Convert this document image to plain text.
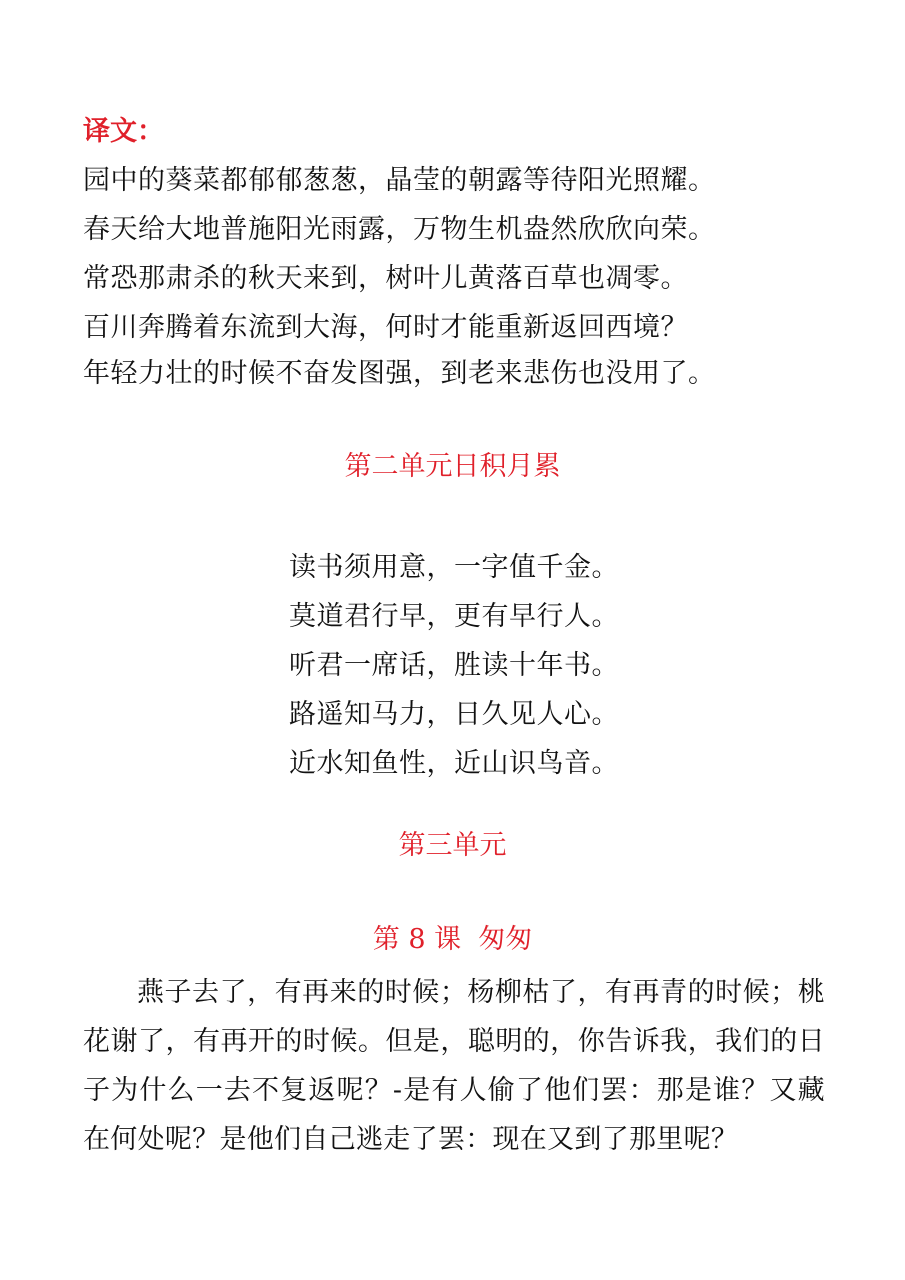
译文：
园中的葵菜都郁郁葱葱，晶莹的朝露等待阳光照耀。
春天给大地普施阳光雨露，万物生机盎然欣欣向荣。
常恐那肃杀的秋天来到，树叶儿黄落百草也凋零。
百川奔腾着东流到大海，何时才能重新返回西境？
年轻力壮的时候不奋发图强，到老来悲伤也没用了。
第二单元日积月累
读书须用意，一字值千金。
莫道君行早，更有早行人。
听君一席话，胜读十年书。
路遥知马力，日久见人心。
近水知鱼性，近山识鸟音。
第三单元
第 8 课  匆匆
燕子去了，有再来的时候；杨柳枯了，有再青的时候；桃花谢了，有再开的时候。但是，聪明的，你告诉我，我们的日子为什么一去不复返呢？-是有人偷了他们罢：那是谁？又藏在何处呢？是他们自己逃走了罢：现在又到了那里呢？
